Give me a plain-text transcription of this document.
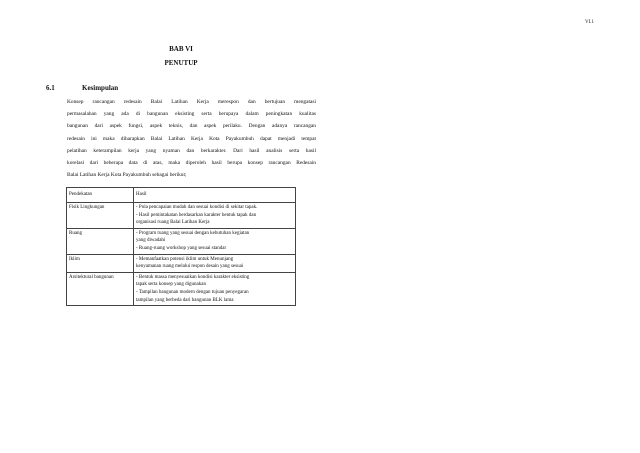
VI.1
BAB VI
PENUTUP
6.1	Kesimpulan
Konsep rancangan redesain Balai Latihan Kerja merespon dan bertujuan mengatasi
permasalahan yang ada di bangunan eksisting serta berupaya dalam peningkatan kualitas
bangunan dari aspek fungsi, aspek teknis, dan aspek perilaku. Dengan adanya rancangan
redesain ini maka diharapkan Balai Latihan Kerja Kota Payakumbuh dapat menjadi tempat
pelatihan keterampilan kerja yang nyaman dan berkarakter. Dari hasil analisis serta hasil
korelasi dari beberapa data di atas, maka diperoleh hasil berupa konsep rancangan Redesain
Balai Latihan Kerja Kota Payakumbuh sebagai berikut;
Pendekatan	Hasil
Fisik Lingkungan	- Pola pencapaian mudah dan sesuai kondisi di sekitar tapak.
- Hasil pemintakatan berdasarkan karakter bentuk tapak dan
organisasi ruang Balai Latihan Kerja

Ruang	- Program ruang yang sesuai dengan kebutuhan kegiatan
yang diwadahi
- Ruang-ruang workshop yang sesuai standar

Iklim	- Memanfaatkan potensi iklim untuk Menunjang
kenyamanan ruang melalui respon desain yang sesuai

Arsitektural bangunan	- Bentuk massa menyesuaikan kondisi karakter eksisting
tapak serta konsep yang digunakan
- Tampilan bangunan modern dengan tujuan penyegaran
tampilan yang berbeda dari bangunan BLK lama
